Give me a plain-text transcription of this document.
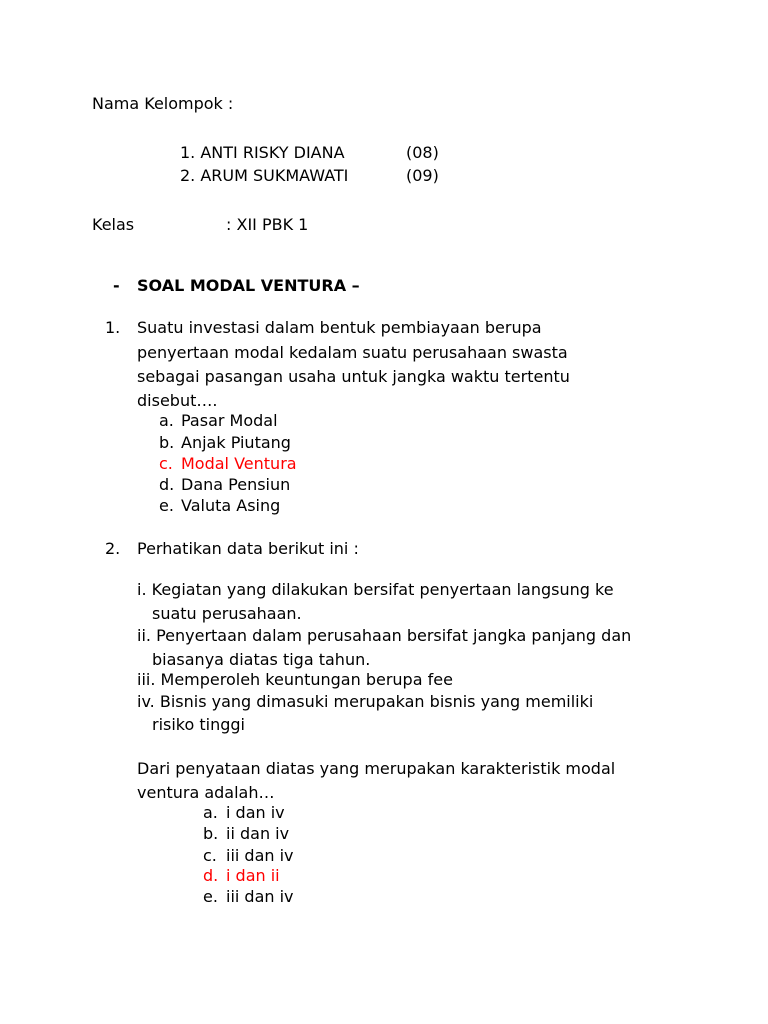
Nama Kelompok :
1. ANTI RISKY DIANA	(08)
2. ARUM SUKMAWATI	(09)
Kelas	: XII PBK 1
- SOAL MODAL VENTURA –
1. Suatu investasi dalam bentuk pembiayaan berupa
penyertaan modal kedalam suatu perusahaan swasta
sebagai pasangan usaha untuk jangka waktu tertentu
disebut….
a. Pasar Modal
b. Anjak Piutang
c. Modal Ventura
d. Dana Pensiun
e. Valuta Asing
2. Perhatikan data berikut ini :
i. Kegiatan yang dilakukan bersifat penyertaan langsung ke
suatu perusahaan.
ii. Penyertaan dalam perusahaan bersifat jangka panjang dan
biasanya diatas tiga tahun.
iii. Memperoleh keuntungan berupa fee
iv. Bisnis yang dimasuki merupakan bisnis yang memiliki
risiko tinggi
Dari penyataan diatas yang merupakan karakteristik modal
ventura adalah…
a. i dan iv
b. ii dan iv
c. iii dan iv
d. i dan ii
e. iii dan iv
